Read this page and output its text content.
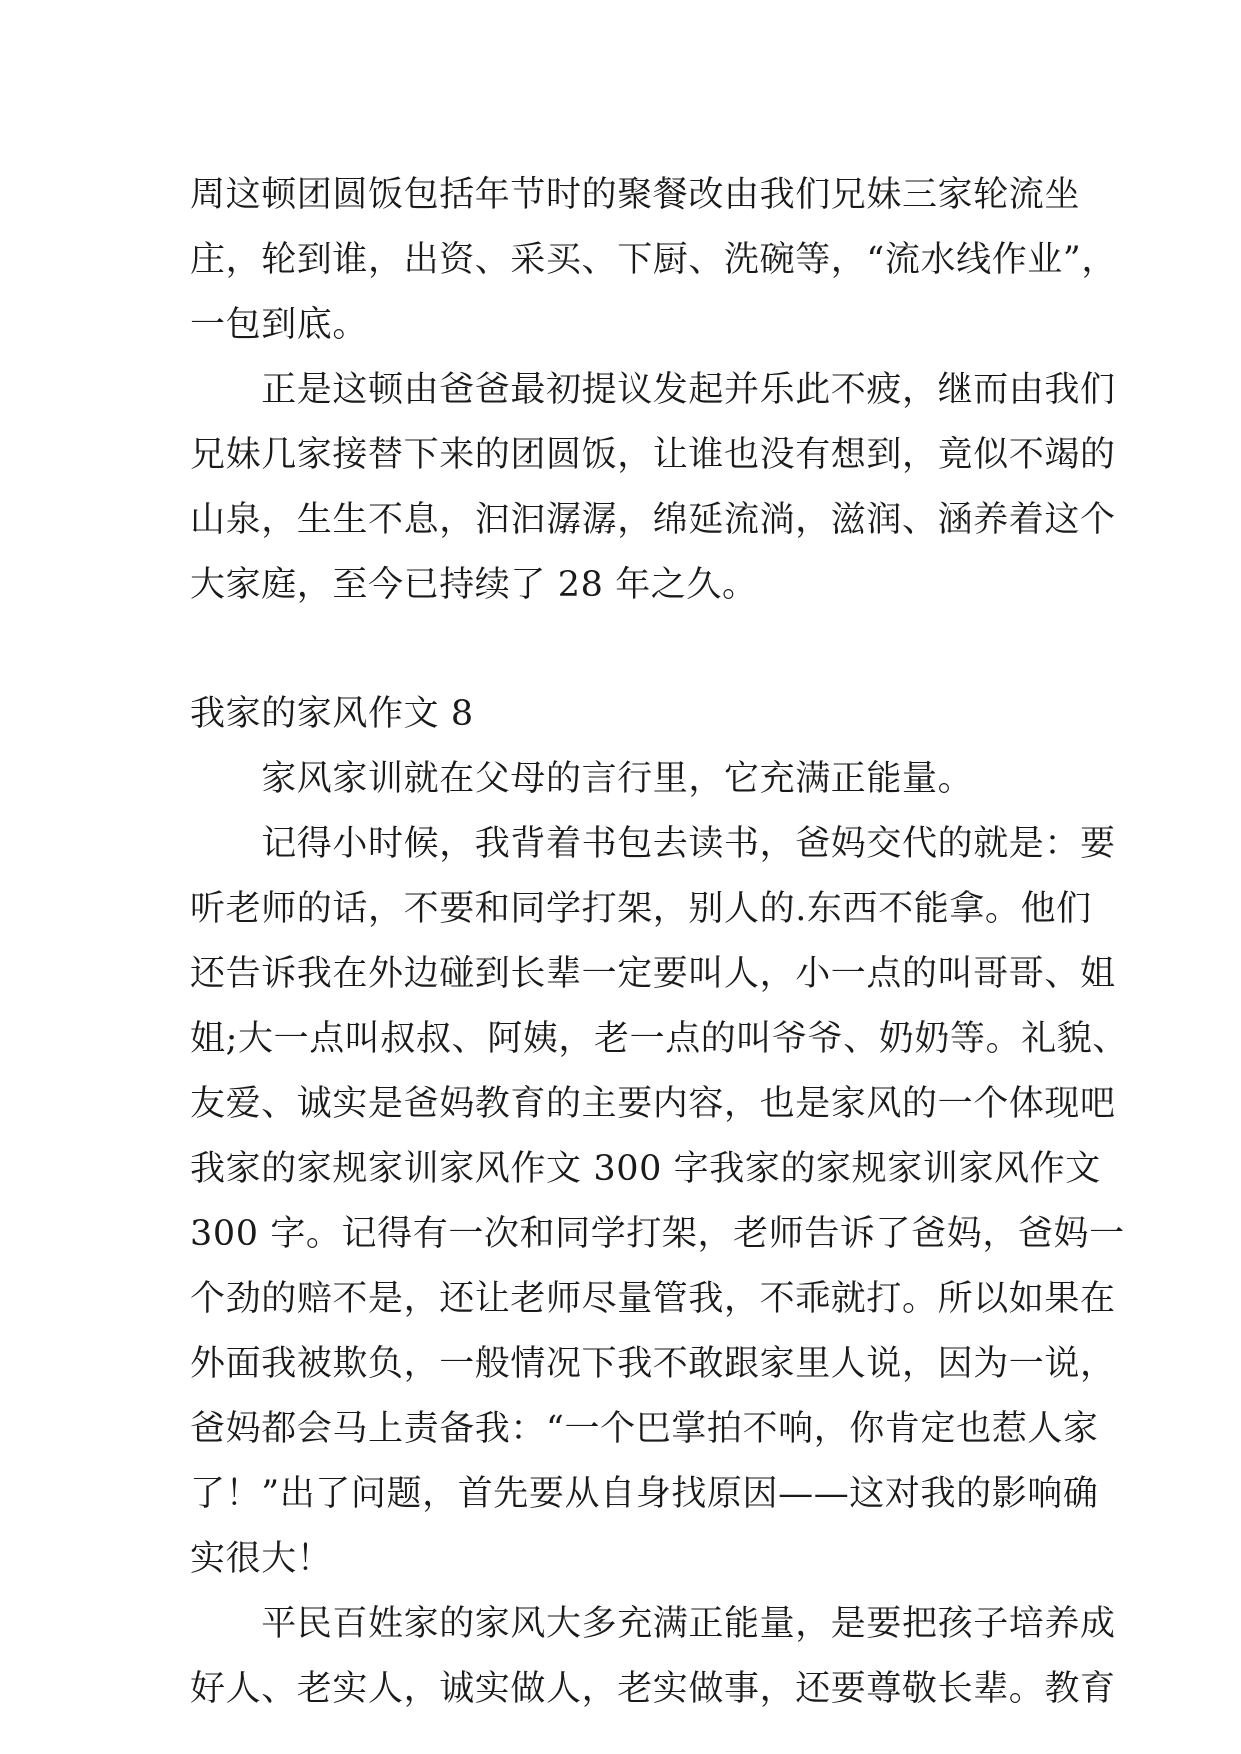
周这顿团圆饭包括年节时的聚餐改由我们兄妹三家轮流坐
庄，轮到谁，出资、采买、下厨、洗碗等，“流水线作业”，
一包到底。
　　正是这顿由爸爸最初提议发起并乐此不疲，继而由我们
兄妹几家接替下来的团圆饭，让谁也没有想到，竟似不竭的
山泉，生生不息，汩汩潺潺，绵延流淌，滋润、涵养着这个
大家庭，至今已持续了 28 年之久。
我家的家风作文 8
　　家风家训就在父母的言行里，它充满正能量。
　　记得小时候，我背着书包去读书，爸妈交代的就是：要
听老师的话，不要和同学打架，别人的.东西不能拿。他们
还告诉我在外边碰到长辈一定要叫人，小一点的叫哥哥、姐
姐;大一点叫叔叔、阿姨，老一点的叫爷爷、奶奶等。礼貌、
友爱、诚实是爸妈教育的主要内容，也是家风的一个体现吧
我家的家规家训家风作文 300 字我家的家规家训家风作文
300 字。记得有一次和同学打架，老师告诉了爸妈，爸妈一
个劲的赔不是，还让老师尽量管我，不乖就打。所以如果在
外面我被欺负，一般情况下我不敢跟家里人说，因为一说，
爸妈都会马上责备我：“一个巴掌拍不响，你肯定也惹人家
了！”出了问题，首先要从自身找原因——这对我的影响确
实很大！
　　平民百姓家的家风大多充满正能量，是要把孩子培养成
好人、老实人，诚实做人，老实做事，还要尊敬长辈。教育
